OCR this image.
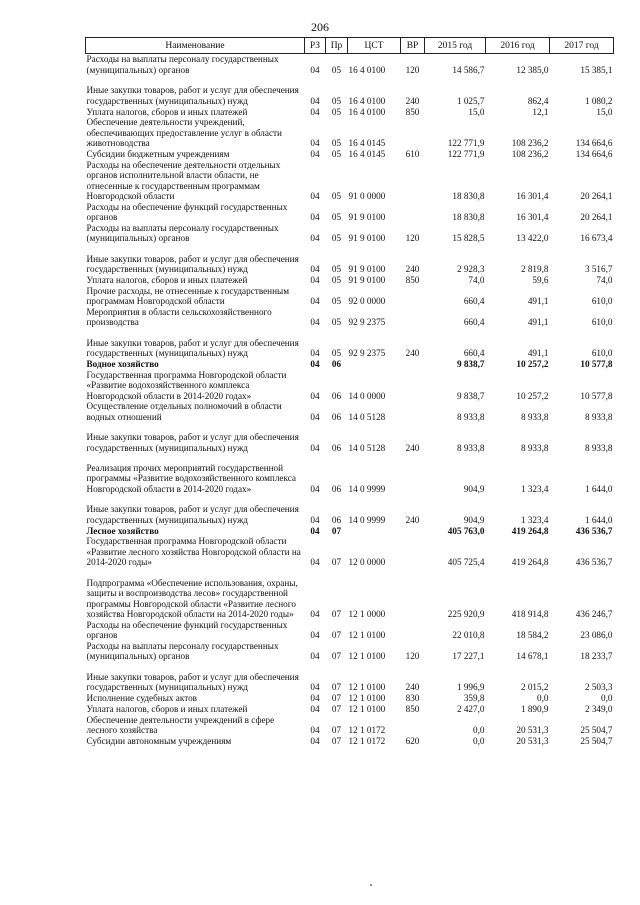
206
Наименование	РЗ	Пр	ЦСТ	ВР	2015 год	2016 год	2017 год
Расходы на выплаты персоналу государственных (муниципальных) органов	04	05	16 4 0100	120	14 586,7	12 385,0	15 385,1
Иные закупки товаров, работ и услуг для обеспечения государственных (муниципальных) нужд	04	05	16 4 0100	240	1 025,7	862,4	1 080,2
Уплата налогов, сборов и иных платежей	04	05	16 4 0100	850	15,0	12,1	15,0
Обеспечение деятельности учреждений, обеспечивающих предоставление услуг в области животноводства	04	05	16 4 0145		122 771,9	108 236,2	134 664,6
Субсидии бюджетным учреждениям	04	05	16 4 0145	610	122 771,9	108 236,2	134 664,6
Расходы на обеспечение деятельности отдельных органов исполнительной власти области, не отнесенные к государственным программам Новгородской области	04	05	91 0 0000		18 830,8	16 301,4	20 264,1
Расходы на обеспечение функций государственных органов	04	05	91 9 0100		18 830,8	16 301,4	20 264,1
Расходы на выплаты персоналу государственных (муниципальных) органов	04	05	91 9 0100	120	15 828,5	13 422,0	16 673,4
Иные закупки товаров, работ и услуг для обеспечения государственных (муниципальных) нужд	04	05	91 9 0100	240	2 928,3	2 819,8	3 516,7
Уплата налогов, сборов и иных платежей	04	05	91 9 0100	850	74,0	59,6	74,0
Прочие расходы, не отнесенные к государственным программам Новгородской области	04	05	92 0 0000		660,4	491,1	610,0
Мероприятия в области сельскохозяйственного производства	04	05	92 9 2375		660,4	491,1	610,0
Иные закупки товаров, работ и услуг для обеспечения государственных (муниципальных) нужд	04	05	92 9 2375	240	660,4	491,1	610,0
Водное хозяйство	04	06			9 838,7	10 257,2	10 577,8
Государственная программа Новгородской области «Развитие водохозяйственного комплекса Новгородской области в 2014-2020 годах»	04	06	14 0 0000		9 838,7	10 257,2	10 577,8
Осуществление отдельных полномочий в области водных отношений	04	06	14 0 5128		8 933,8	8 933,8	8 933,8
Иные закупки товаров, работ и услуг для обеспечения государственных (муниципальных) нужд	04	06	14 0 5128	240	8 933,8	8 933,8	8 933,8
Реализация прочих мероприятий государственной программы «Развитие водохозяйственного комплекса Новгородской области в 2014-2020 годах»	04	06	14 0 9999		904,9	1 323,4	1 644,0
Иные закупки товаров, работ и услуг для обеспечения государственных (муниципальных) нужд	04	06	14 0 9999	240	904,9	1 323,4	1 644,0
Лесное хозяйство	04	07			405 763,0	419 264,8	436 536,7
Государственная программа Новгородской области «Развитие лесного хозяйства Новгородской области на 2014-2020 годы»	04	07	12 0 0000		405 725,4	419 264,8	436 536,7
Подпрограмма «Обеспечение использования, охраны, защиты и воспроизводства лесов» государственной программы Новгородской области «Развитие лесного хозяйства Новгородской области на 2014-2020 годы»	04	07	12 1 0000		225 920,9	418 914,8	436 246,7
Расходы на обеспечение функций государственных органов	04	07	12 1 0100		22 010,8	18 584,2	23 086,0
Расходы на выплаты персоналу государственных (муниципальных) органов	04	07	12 1 0100	120	17 227,1	14 678,1	18 233,7
Иные закупки товаров, работ и услуг для обеспечения государственных (муниципальных) нужд	04	07	12 1 0100	240	1 996,9	2 015,2	2 503,3
Исполнение судебных актов	04	07	12 1 0100	830	359,8	0,0	0,0
Уплата налогов, сборов и иных платежей	04	07	12 1 0100	850	2 427,0	1 890,9	2 349,0
Обеспечение деятельности учреждений в сфере лесного хозяйства	04	07	12 1 0172		0,0	20 531,3	25 504,7
Субсидии автономным учреждениям	04	07	12 1 0172	620	0,0	20 531,3	25 504,7
